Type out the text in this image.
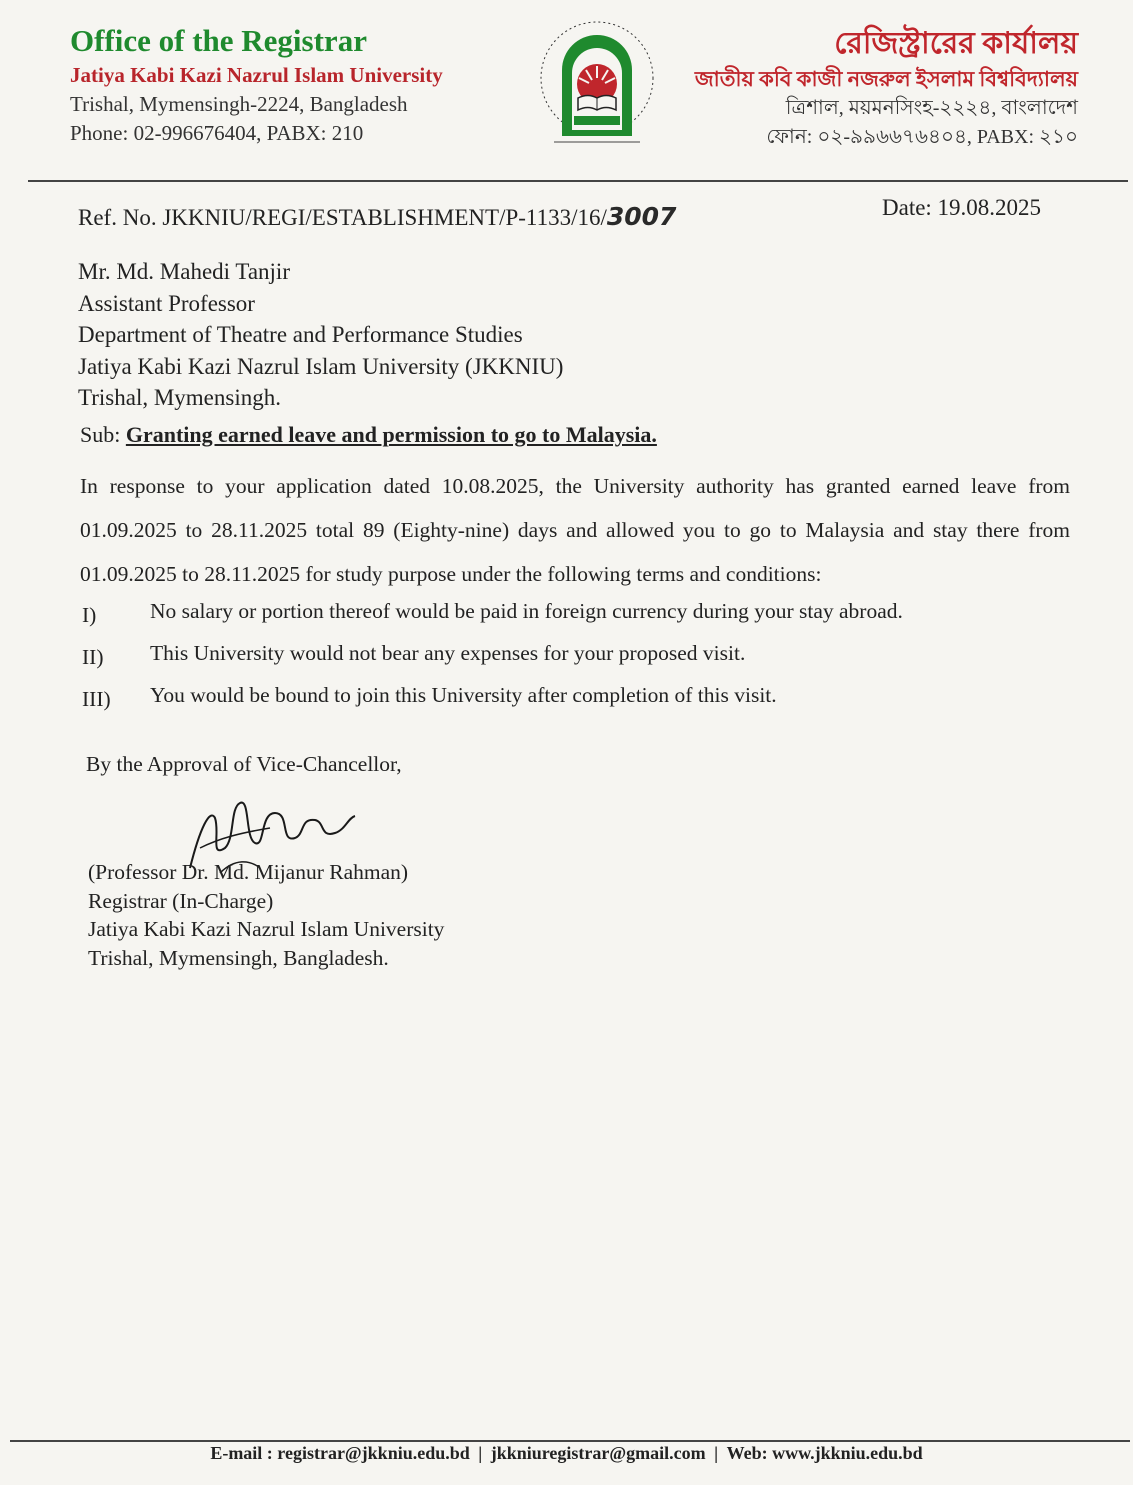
Office of the Registrar
Jatiya Kabi Kazi Nazrul Islam University
Trishal, Mymensingh-2224, Bangladesh
Phone: 02-996676404, PABX: 210
রেজিস্ট্রারের কার্যালয়
জাতীয় কবি কাজী নজরুল ইসলাম বিশ্ববিদ্যালয়
ত্রিশাল, ময়মনসিংহ-২২২৪, বাংলাদেশ
ফোন: ০২-৯৯৬৬৭৬৪০৪, PABX: ২১০
Ref. No. JKKNIU/REGI/ESTABLISHMENT/P-1133/16/3007	Date: 19.08.2025
Mr. Md. Mahedi Tanjir
Assistant Professor
Department of Theatre and Performance Studies
Jatiya Kabi Kazi Nazrul Islam University (JKKNIU)
Trishal, Mymensingh.
Sub: Granting earned leave and permission to go to Malaysia.
In response to your application dated 10.08.2025, the University authority has granted earned leave from 01.09.2025 to 28.11.2025 total 89 (Eighty-nine) days and allowed you to go to Malaysia and stay there from 01.09.2025 to 28.11.2025 for study purpose under the following terms and conditions:
I) No salary or portion thereof would be paid in foreign currency during your stay abroad.
II) This University would not bear any expenses for your proposed visit.
III) You would be bound to join this University after completion of this visit.
By the Approval of Vice-Chancellor,
(Professor Dr. Md. Mijanur Rahman)
Registrar (In-Charge)
Jatiya Kabi Kazi Nazrul Islam University
Trishal, Mymensingh, Bangladesh.
E-mail : registrar@jkkniu.edu.bd | jkkniuregistrar@gmail.com | Web: www.jkkniu.edu.bd
